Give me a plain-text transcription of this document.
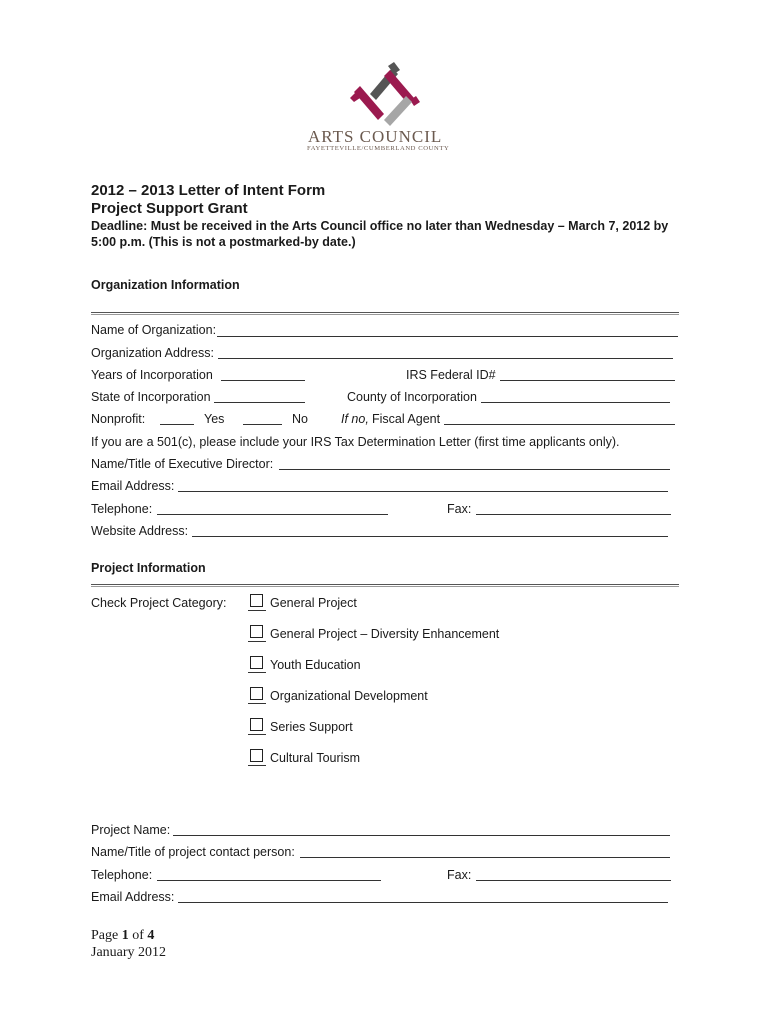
ARTS COUNCIL
FAYETTEVILLE/CUMBERLAND COUNTY
2012 – 2013 Letter of Intent Form
Project Support Grant
Deadline: Must be received in the Arts Council office no later than Wednesday – March 7, 2012 by
5:00 p.m. (This is not a postmarked-by date.)
Organization Information
Name of Organization:
Organization Address:
Years of Incorporation	IRS Federal ID#
State of Incorporation	County of Incorporation
Nonprofit:	Yes	No	If no, Fiscal Agent
If you are a 501(c), please include your IRS Tax Determination Letter (first time applicants only).
Name/Title of Executive Director:
Email Address:
Telephone:	Fax:
Website Address:
Project Information
Check Project Category:	General Project
General Project – Diversity Enhancement
Youth Education
Organizational Development
Series Support
Cultural Tourism
Project Name:
Name/Title of project contact person:
Telephone:	Fax:
Email Address:
Page 1 of 4
January 2012
